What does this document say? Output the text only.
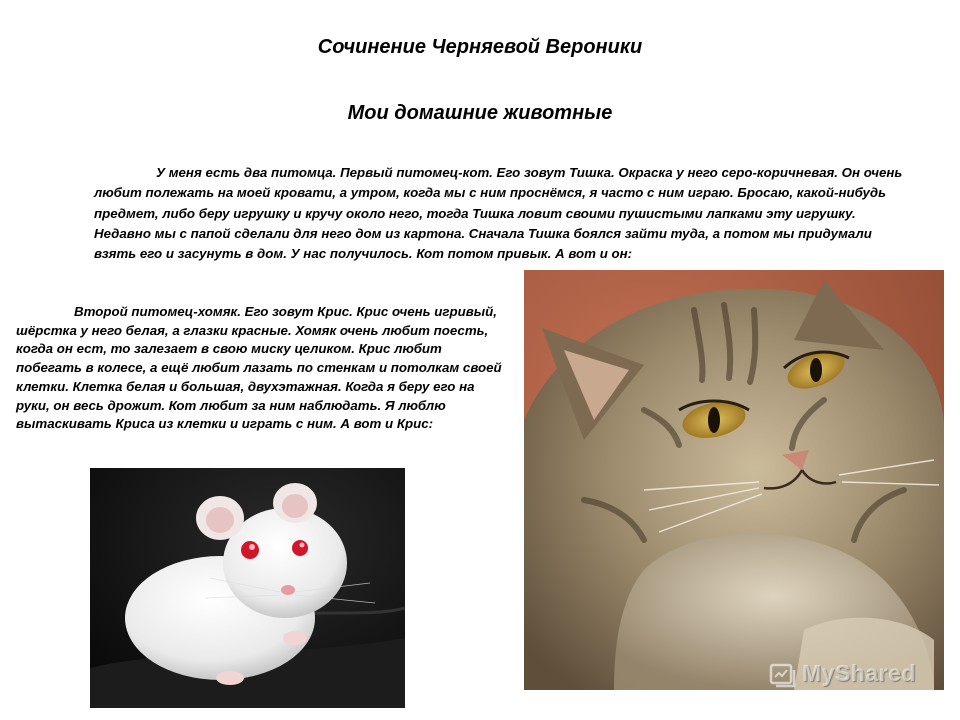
Сочинение Черняевой Вероники
Мои домашние животные

У меня есть два питомца. Первый питомец-кот. Его зовут Тишка. Окраска у него серо-коричневая. Он очень любит полежать на моей кровати, а утром, когда мы с ним проснёмся, я часто с ним играю. Бросаю, какой-нибудь предмет, либо беру игрушку и кручу около него, тогда Тишка ловит своими пушистыми лапками эту игрушку. Недавно мы с папой сделали для него дом из картона. Сначала Тишка боялся зайти туда, а потом мы придумали взять его и засунуть в дом. У нас получилось. Кот потом привык. А вот и он:

Второй питомец-хомяк. Его зовут Крис. Крис очень игривый, шёрстка у него белая, а глазки красные. Хомяк очень любит поесть, когда он ест, то залезает в свою миску целиком. Крис любит побегать в колесе, а ещё любит лазать по стенкам и потолкам своей клетки. Клетка белая и большая, двухэтажная. Когда я беру его на руки, он весь дрожит. Кот любит за ним наблюдать. Я люблю вытаскивать Криса из клетки и играть с ним. А вот и Крис:

MyShared
